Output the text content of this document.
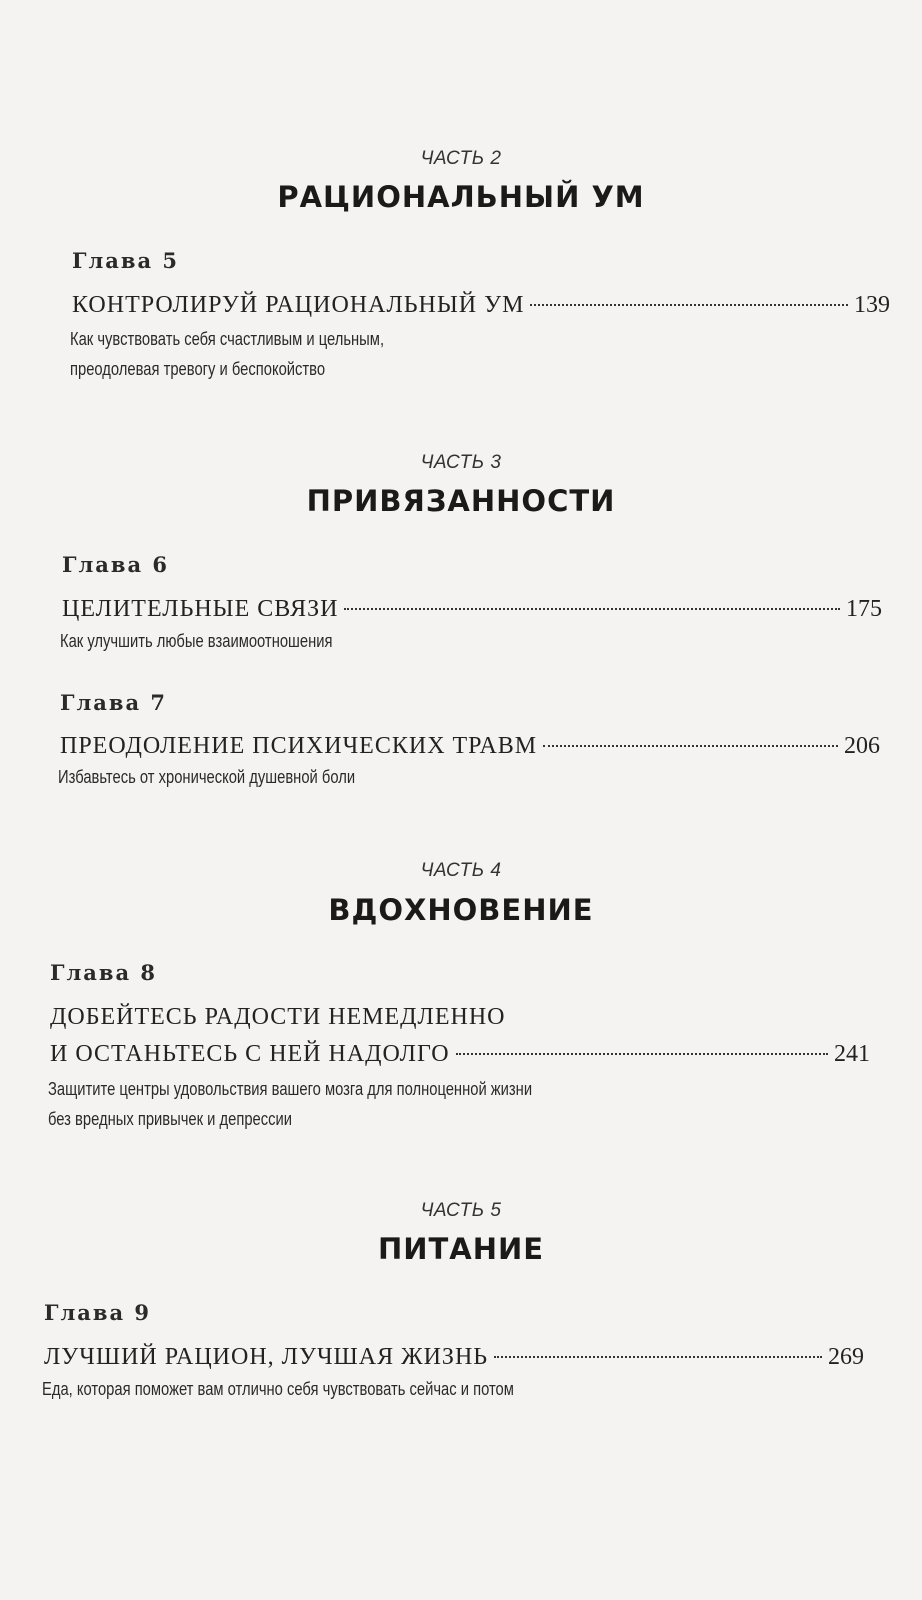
ЧАСТЬ 2
РАЦИОНАЛЬНЫЙ УМ
Глава 5
КОНТРОЛИРУЙ РАЦИОНАЛЬНЫЙ УМ	139
Как чувствовать себя счастливым и цельным,
преодолевая тревогу и беспокойство
ЧАСТЬ 3
ПРИВЯЗАННОСТИ
Глава 6
ЦЕЛИТЕЛЬНЫЕ СВЯЗИ	175
Как улучшить любые взаимоотношения
Глава 7
ПРЕОДОЛЕНИЕ ПСИХИЧЕСКИХ ТРАВМ	206
Избавьтесь от хронической душевной боли
ЧАСТЬ 4
ВДОХНОВЕНИЕ
Глава 8
ДОБЕЙТЕСЬ РАДОСТИ НЕМЕДЛЕННО
И ОСТАНЬТЕСЬ С НЕЙ НАДОЛГО	241
Защитите центры удовольствия вашего мозга для полноценной жизни
без вредных привычек и депрессии
ЧАСТЬ 5
ПИТАНИЕ
Глава 9
ЛУЧШИЙ РАЦИОН, ЛУЧШАЯ ЖИЗНЬ	269
Еда, которая поможет вам отлично себя чувствовать сейчас и потом
